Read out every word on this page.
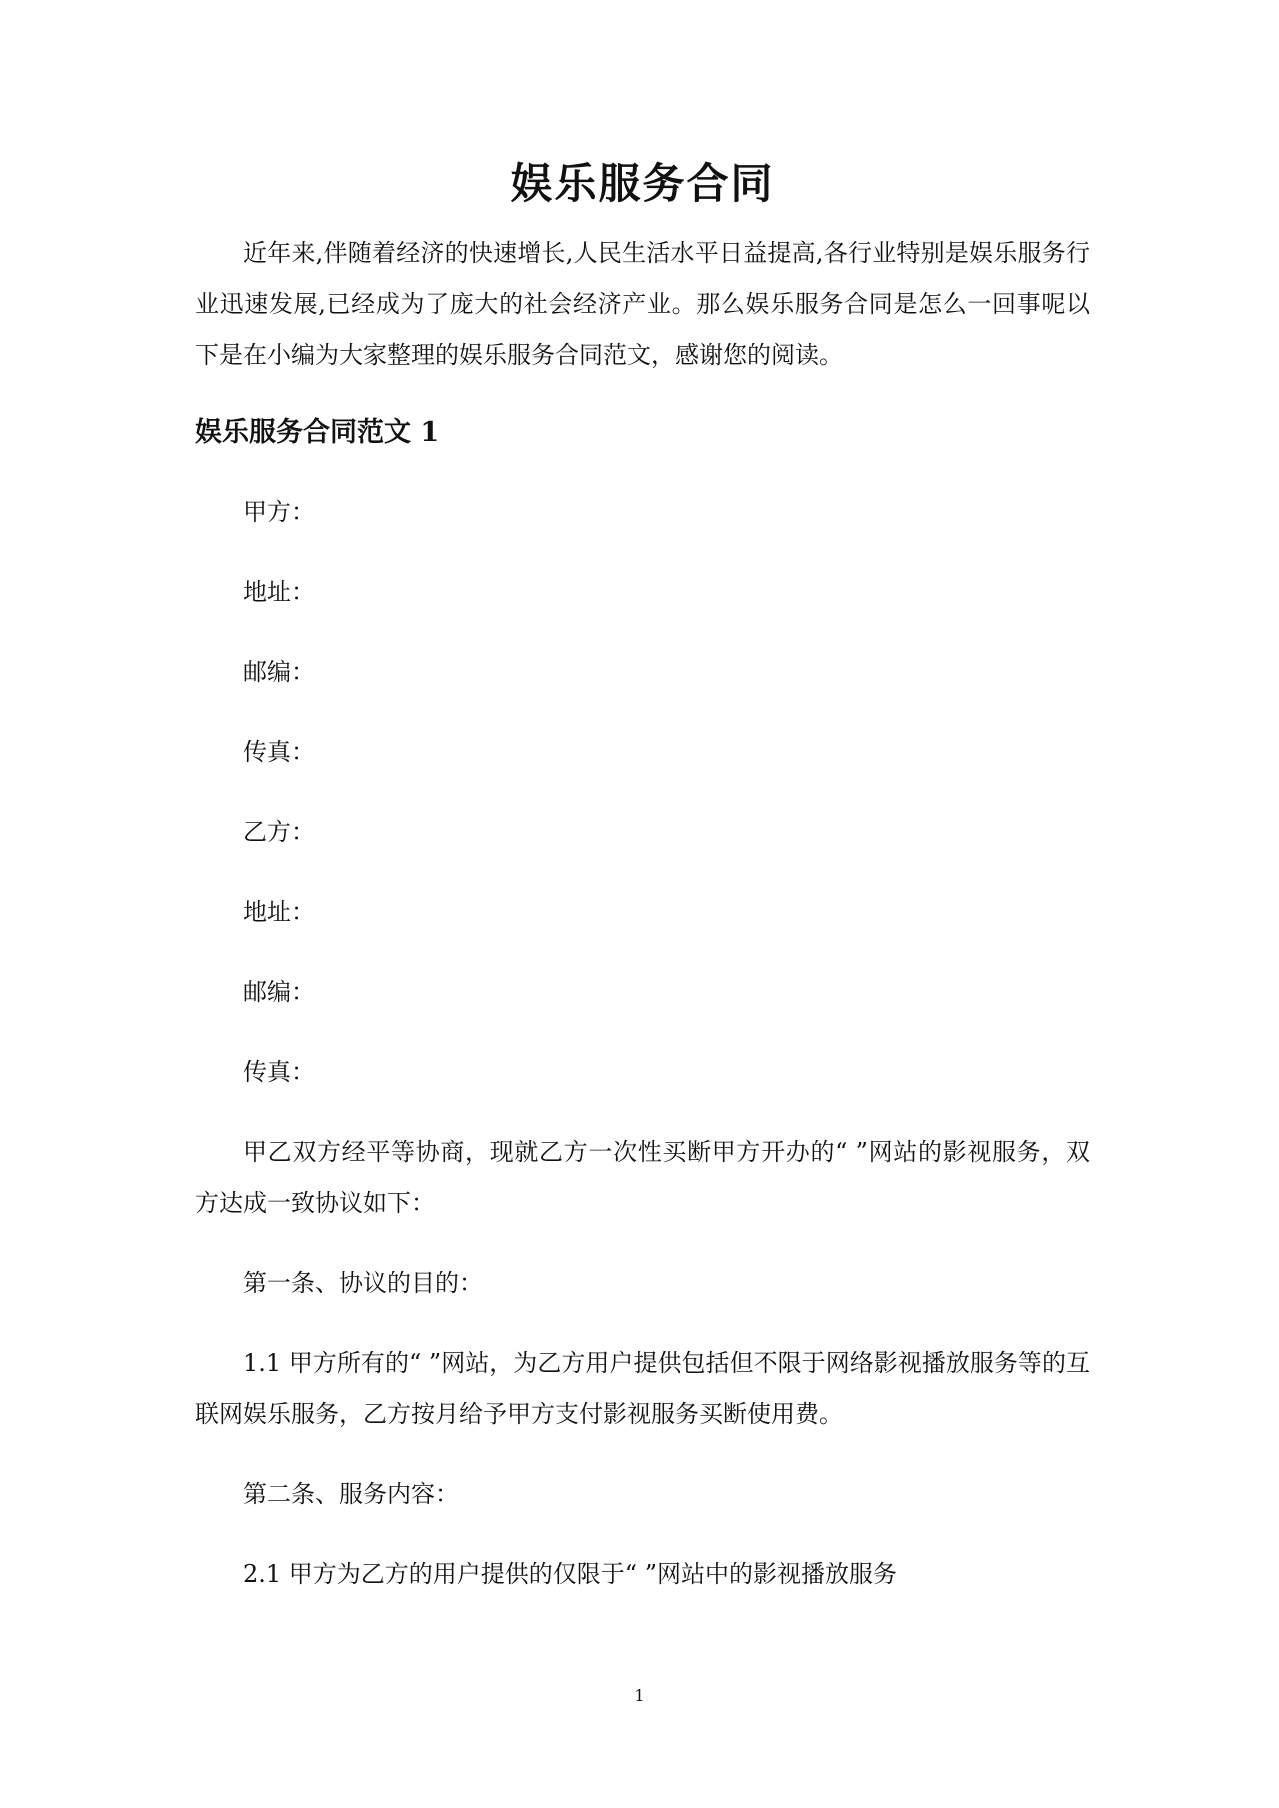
娱乐服务合同

近年来,伴随着经济的快速增长,人民生活水平日益提高,各行业特别是娱乐服务行业迅速发展,已经成为了庞大的社会经济产业。那么娱乐服务合同是怎么一回事呢以下是在小编为大家整理的娱乐服务合同范文，感谢您的阅读。

娱乐服务合同范文 1

甲方：

地址：

邮编：

传真：

乙方：

地址：

邮编：

传真：

甲乙双方经平等协商，现就乙方一次性买断甲方开办的“ ”网站的影视服务，双方达成一致协议如下：

第一条、协议的目的：

1.1 甲方所有的“ ”网站，为乙方用户提供包括但不限于网络影视播放服务等的互联网娱乐服务，乙方按月给予甲方支付影视服务买断使用费。

第二条、服务内容：

2.1 甲方为乙方的用户提供的仅限于“ ”网站中的影视播放服务

1
